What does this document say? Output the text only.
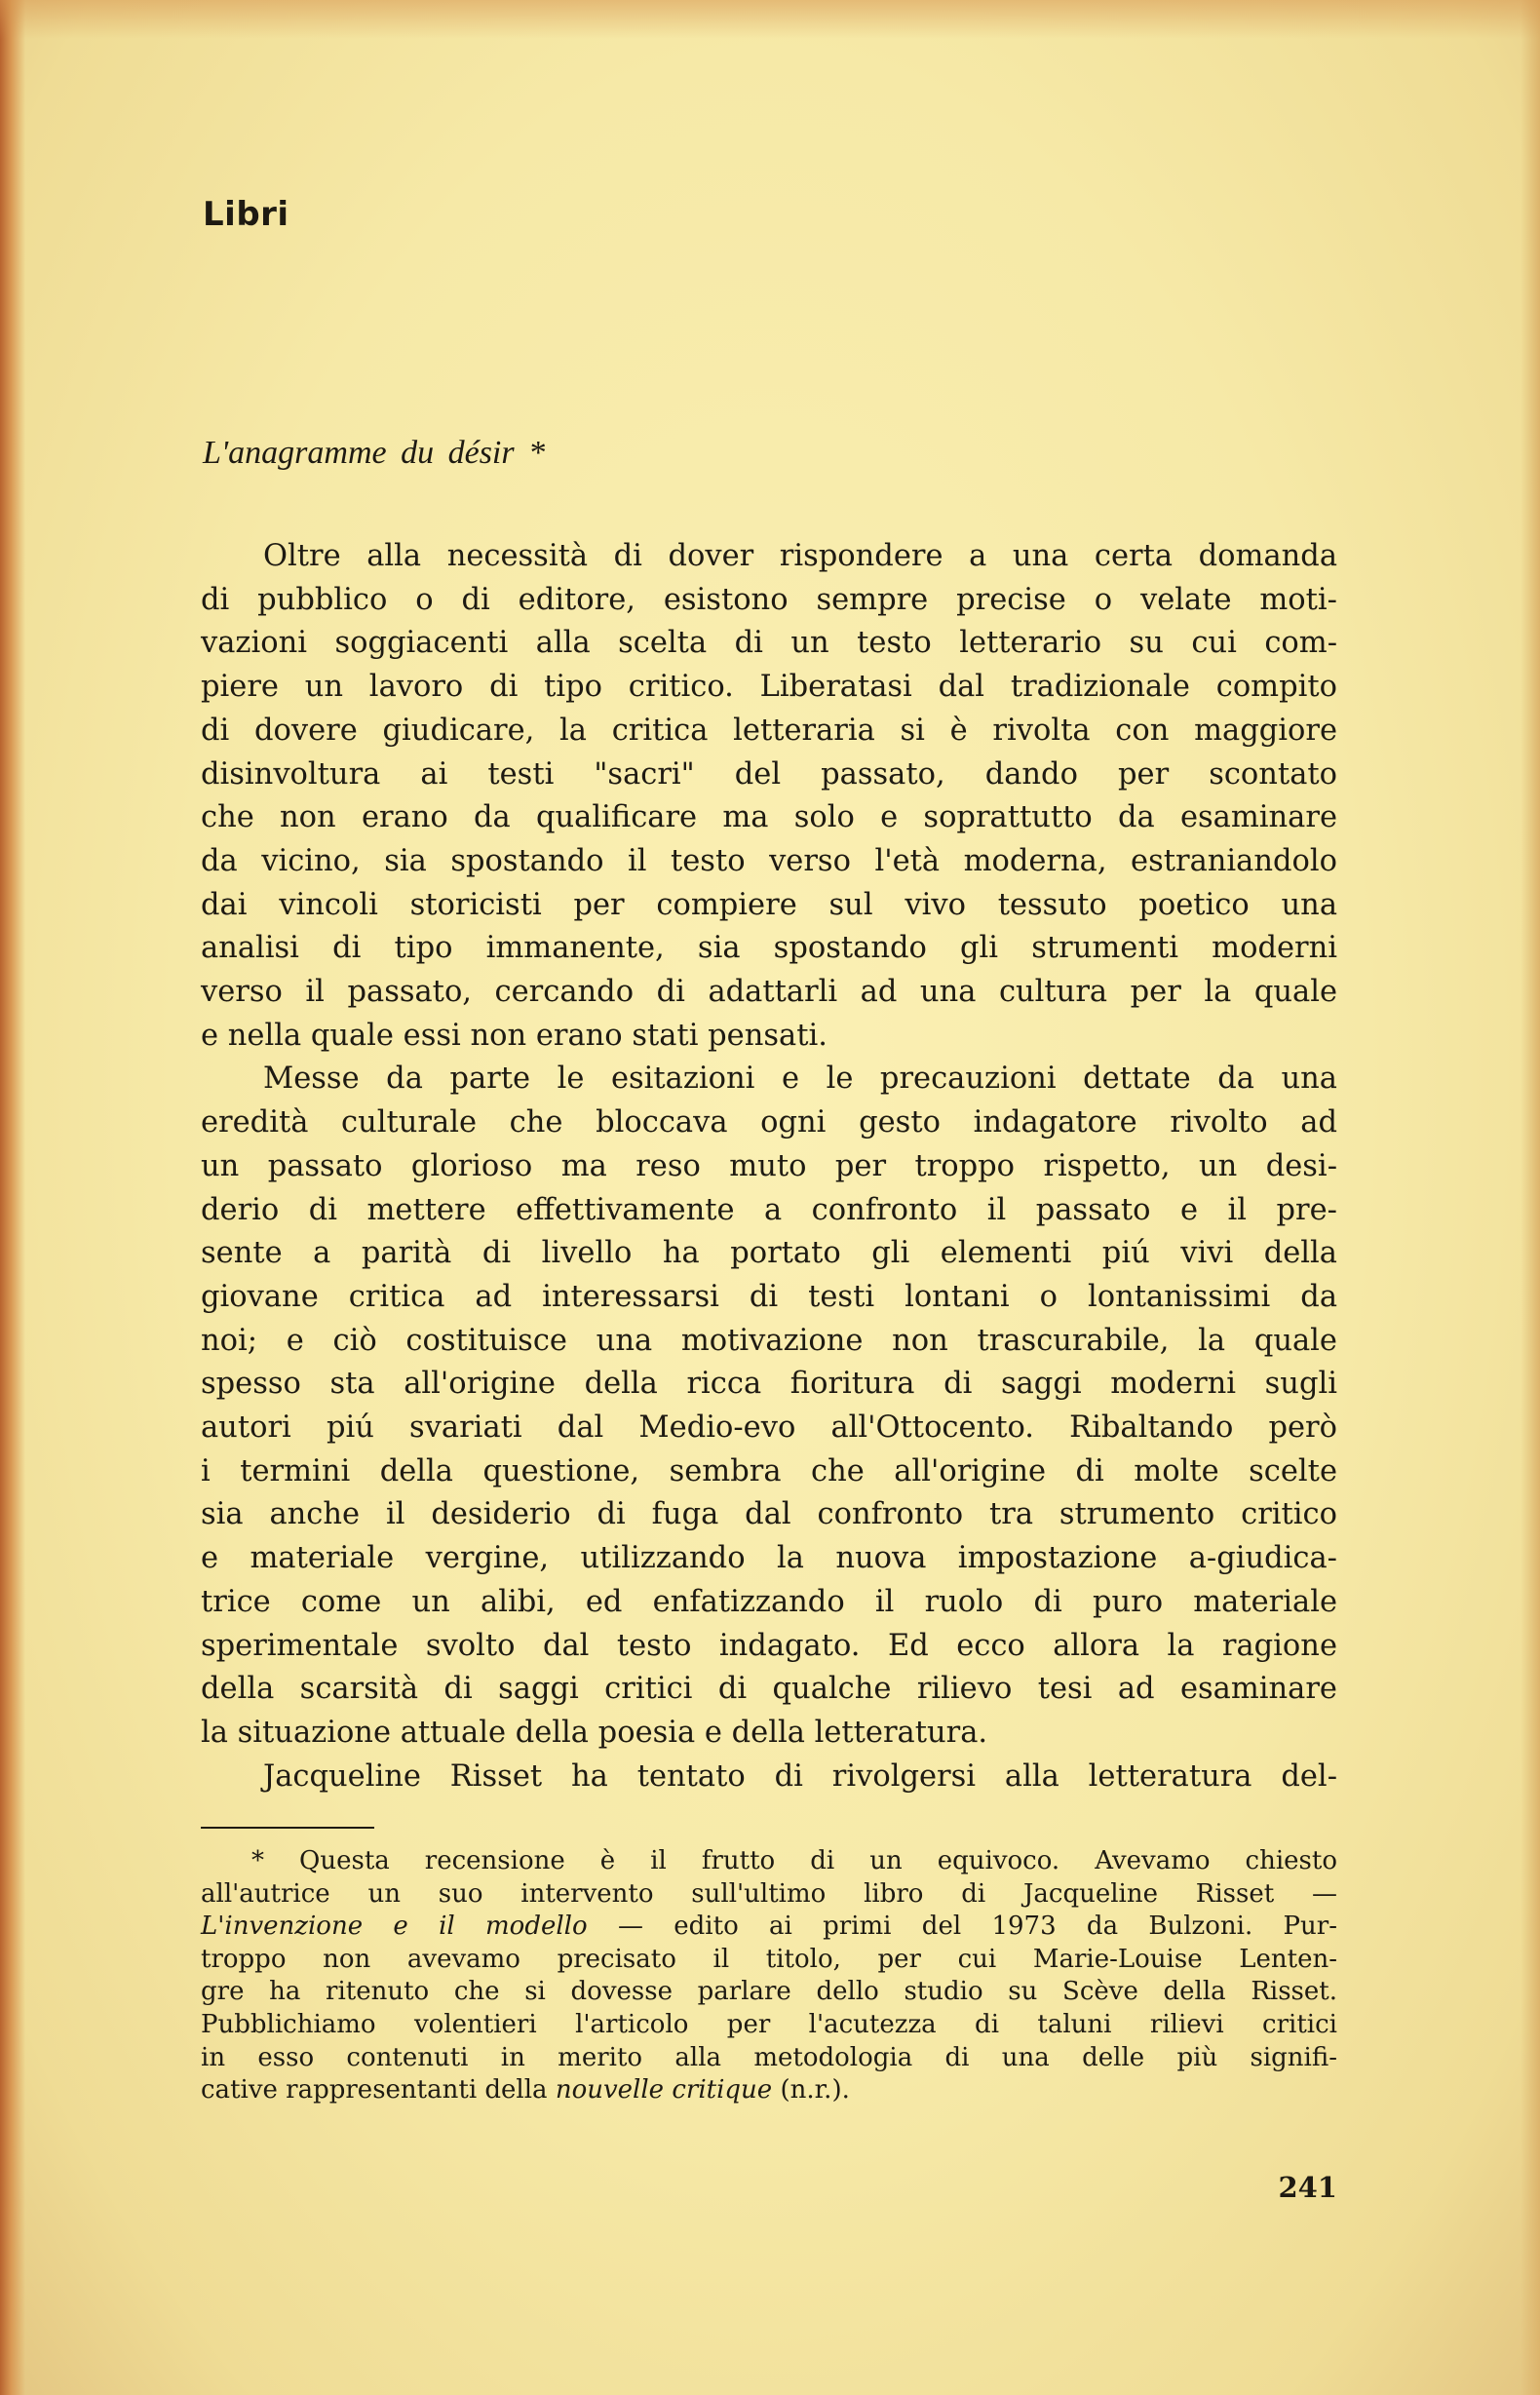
Libri
L'anagramme du désir *
Oltre alla necessità di dover rispondere a una certa domanda
di pubblico o di editore, esistono sempre precise o velate moti-
vazioni soggiacenti alla scelta di un testo letterario su cui com-
piere un lavoro di tipo critico. Liberatasi dal tradizionale compito
di dovere giudicare, la critica letteraria si è rivolta con maggiore
disinvoltura ai testi "sacri" del passato, dando per scontato
che non erano da qualificare ma solo e soprattutto da esaminare
da vicino, sia spostando il testo verso l'età moderna, estraniandolo
dai vincoli storicisti per compiere sul vivo tessuto poetico una
analisi di tipo immanente, sia spostando gli strumenti moderni
verso il passato, cercando di adattarli ad una cultura per la quale
e nella quale essi non erano stati pensati.
Messe da parte le esitazioni e le precauzioni dettate da una
eredità culturale che bloccava ogni gesto indagatore rivolto ad
un passato glorioso ma reso muto per troppo rispetto, un desi-
derio di mettere effettivamente a confronto il passato e il pre-
sente a parità di livello ha portato gli elementi piú vivi della
giovane critica ad interessarsi di testi lontani o lontanissimi da
noi; e ciò costituisce una motivazione non trascurabile, la quale
spesso sta all'origine della ricca fioritura di saggi moderni sugli
autori piú svariati dal Medio-evo all'Ottocento. Ribaltando però
i termini della questione, sembra che all'origine di molte scelte
sia anche il desiderio di fuga dal confronto tra strumento critico
e materiale vergine, utilizzando la nuova impostazione a-giudica-
trice come un alibi, ed enfatizzando il ruolo di puro materiale
sperimentale svolto dal testo indagato. Ed ecco allora la ragione
della scarsità di saggi critici di qualche rilievo tesi ad esaminare
la situazione attuale della poesia e della letteratura.
Jacqueline Risset ha tentato di rivolgersi alla letteratura del-
* Questa recensione è il frutto di un equivoco. Avevamo chiesto
all'autrice un suo intervento sull'ultimo libro di Jacqueline Risset —
L'invenzione e il modello — edito ai primi del 1973 da Bulzoni. Pur-
troppo non avevamo precisato il titolo, per cui Marie-Louise Lenten-
gre ha ritenuto che si dovesse parlare dello studio su Scève della Risset.
Pubblichiamo volentieri l'articolo per l'acutezza di taluni rilievi critici
in esso contenuti in merito alla metodologia di una delle più signifi-
cative rappresentanti della nouvelle critique (n.r.).
241
